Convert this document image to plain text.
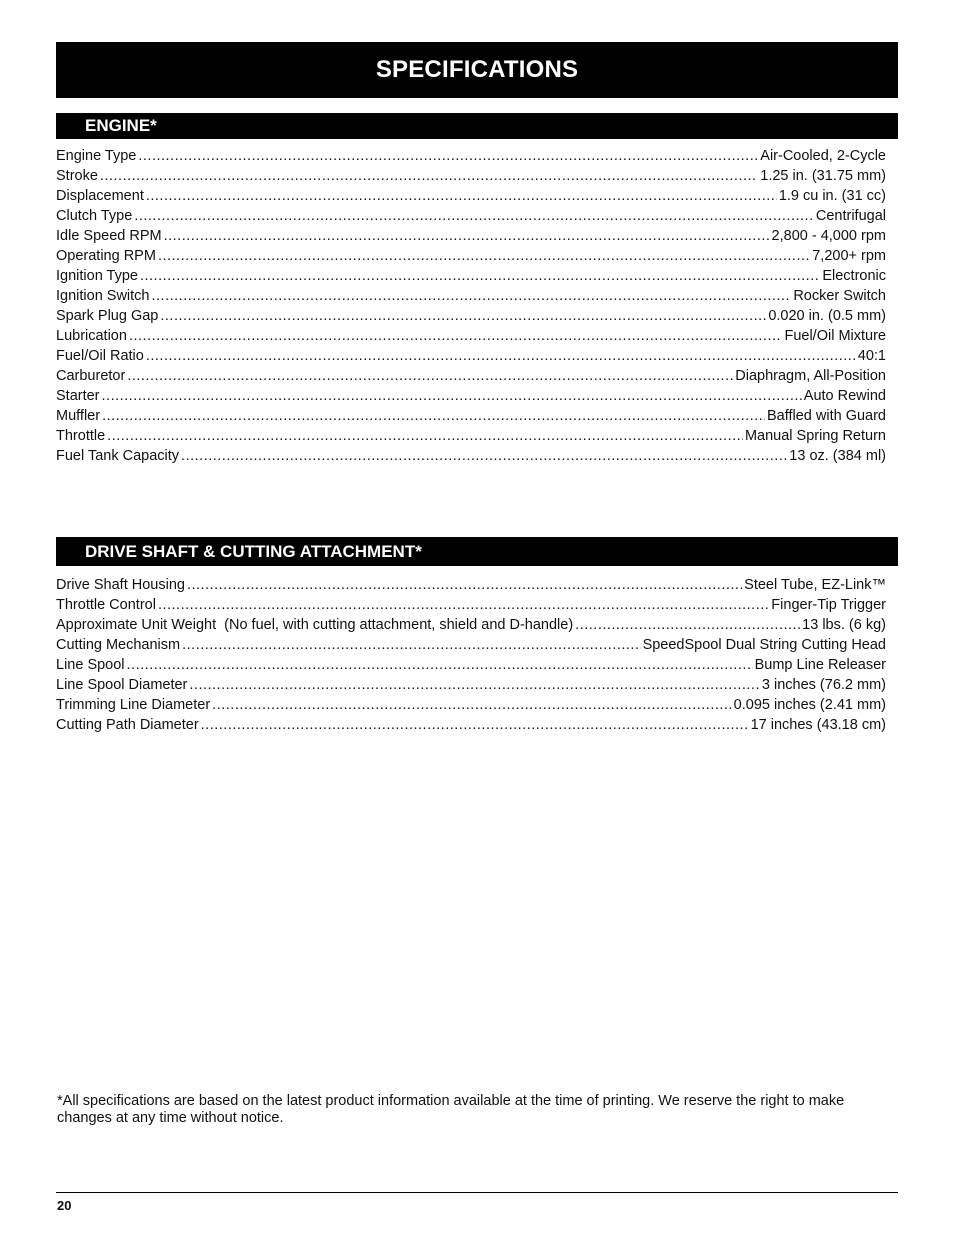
SPECIFICATIONS
ENGINE*
Engine Type .....	Air-Cooled, 2-Cycle
Stroke .....	1.25 in. (31.75 mm)
Displacement .....	1.9 cu in. (31 cc)
Clutch Type .....	Centrifugal
Idle Speed RPM .....	2,800 - 4,000 rpm
Operating RPM .....	7,200+ rpm
Ignition Type .....	Electronic
Ignition Switch .....	Rocker Switch
Spark Plug Gap .....	0.020 in. (0.5 mm)
Lubrication .....	Fuel/Oil Mixture
Fuel/Oil Ratio .....	40:1
Carburetor .....	Diaphragm, All-Position
Starter .....	Auto Rewind
Muffler .....	Baffled with Guard
Throttle .....	Manual Spring Return
Fuel Tank Capacity .....	13 oz. (384 ml)
DRIVE SHAFT & CUTTING ATTACHMENT*
Drive Shaft Housing .....	Steel Tube, EZ-Link™
Throttle Control .....	Finger-Tip Trigger
Approximate Unit Weight  (No fuel, with cutting attachment, shield and D-handle) .....	13 lbs. (6 kg)
Cutting Mechanism .....	SpeedSpool Dual String Cutting Head
Line Spool .....	Bump Line Releaser
Line Spool Diameter .....	3 inches (76.2 mm)
Trimming Line Diameter .....	0.095 inches (2.41 mm)
Cutting Path Diameter .....	17 inches (43.18 cm)
*All specifications are based on the latest product information available at the time of printing. We reserve the right to make changes at any time without notice.
20
